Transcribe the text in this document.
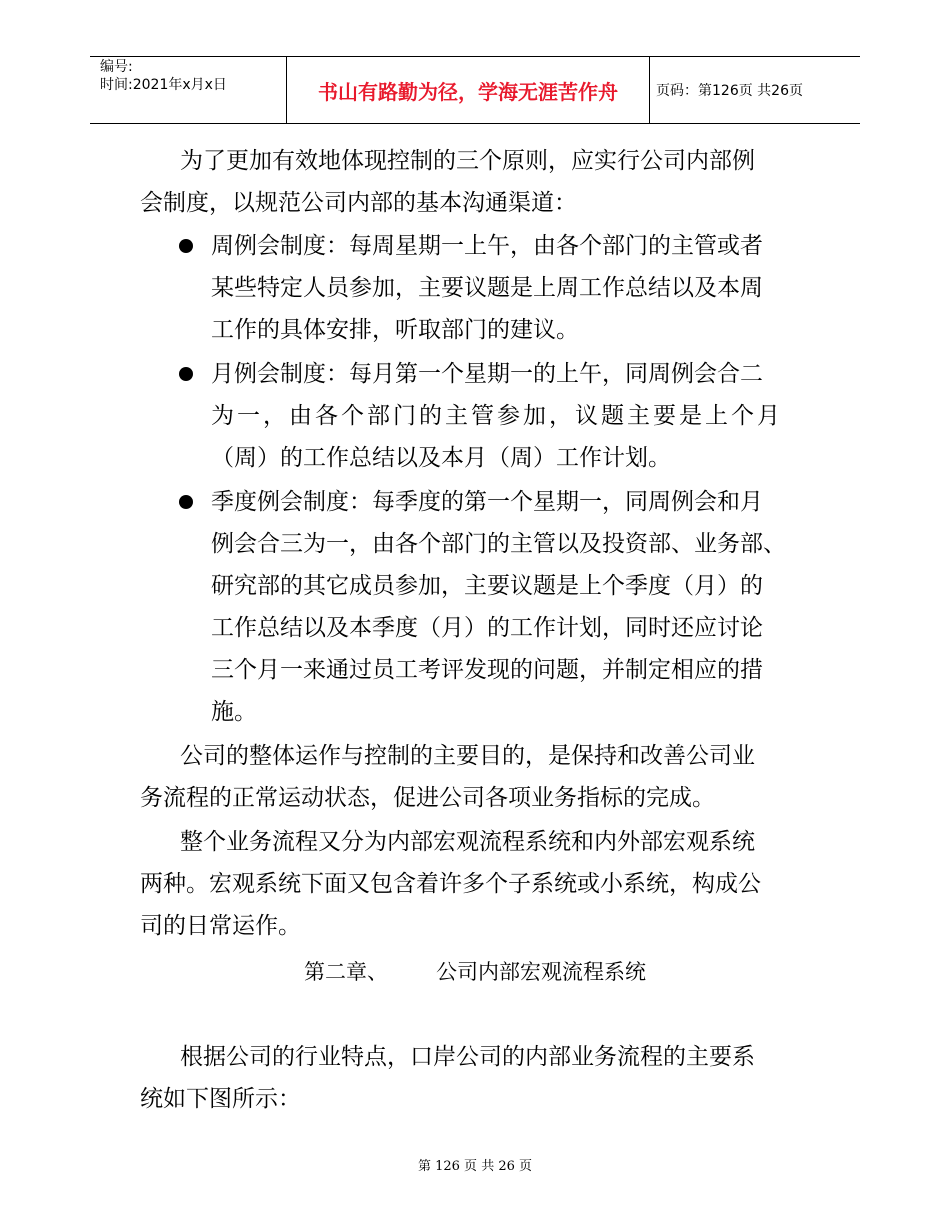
编号:
时间:2021年x月x日	书山有路勤为径，学海无涯苦作舟	页码：第126页 共26页
为了更加有效地体现控制的三个原则，应实行公司内部例
会制度，以规范公司内部的基本沟通渠道：
周例会制度：每周星期一上午，由各个部门的主管或者
某些特定人员参加，主要议题是上周工作总结以及本周
工作的具体安排，听取部门的建议。
月例会制度：每月第一个星期一的上午，同周例会合二
为一，由各个部门的主管参加，议题主要是上个月
（周）的工作总结以及本月（周）工作计划。
季度例会制度：每季度的第一个星期一，同周例会和月
例会合三为一，由各个部门的主管以及投资部、业务部、
研究部的其它成员参加，主要议题是上个季度（月）的
工作总结以及本季度（月）的工作计划，同时还应讨论
三个月一来通过员工考评发现的问题，并制定相应的措
施。
公司的整体运作与控制的主要目的，是保持和改善公司业
务流程的正常运动状态，促进公司各项业务指标的完成。
整个业务流程又分为内部宏观流程系统和内外部宏观系统
两种。宏观系统下面又包含着许多个子系统或小系统，构成公
司的日常运作。
第二章、 公司内部宏观流程系统
根据公司的行业特点，口岸公司的内部业务流程的主要系
统如下图所示：
第 126 页 共 26 页
